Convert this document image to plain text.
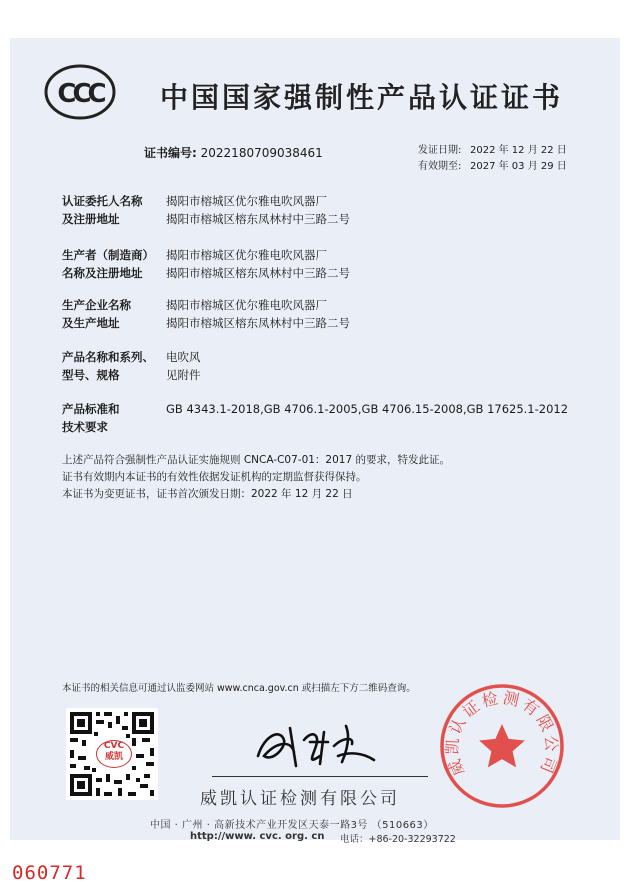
CCC 中国国家强制性产品认证证书
证书编号: 2022180709038461	发证日期: 2022 年 12 月 22 日
有效期至: 2027 年 03 月 29 日
认证委托人名称
及注册地址
揭阳市榕城区优尔雅电吹风器厂
揭阳市榕城区榕东凤林村中三路二号
生产者（制造商）
名称及注册地址
揭阳市榕城区优尔雅电吹风器厂
揭阳市榕城区榕东凤林村中三路二号
生产企业名称
及生产地址
揭阳市榕城区优尔雅电吹风器厂
揭阳市榕城区榕东凤林村中三路二号
产品名称和系列、
型号、规格
电吹风
见附件
产品标准和
技术要求
GB 4343.1-2018,GB 4706.1-2005,GB 4706.15-2008,GB 17625.1-2012
上述产品符合强制性产品认证实施规则 CNCA-C07-01：2017 的要求，特发此证。
证书有效期内本证书的有效性依据发证机构的定期监督获得保持。
本证书为变更证书，证书首次颁发日期：2022 年 12 月 22 日
本证书的相关信息可通过认监委网站 www.cnca.gov.cn 或扫描左下方二维码查询。
CVC
威凯
威凯认证检测有限公司
中国 · 广州 · 高新技术产业开发区天泰一路3号 （510663）
http://www. cvc. org. cn 电话：+86-20-32293722
威凯认证检测有限公司
060771
